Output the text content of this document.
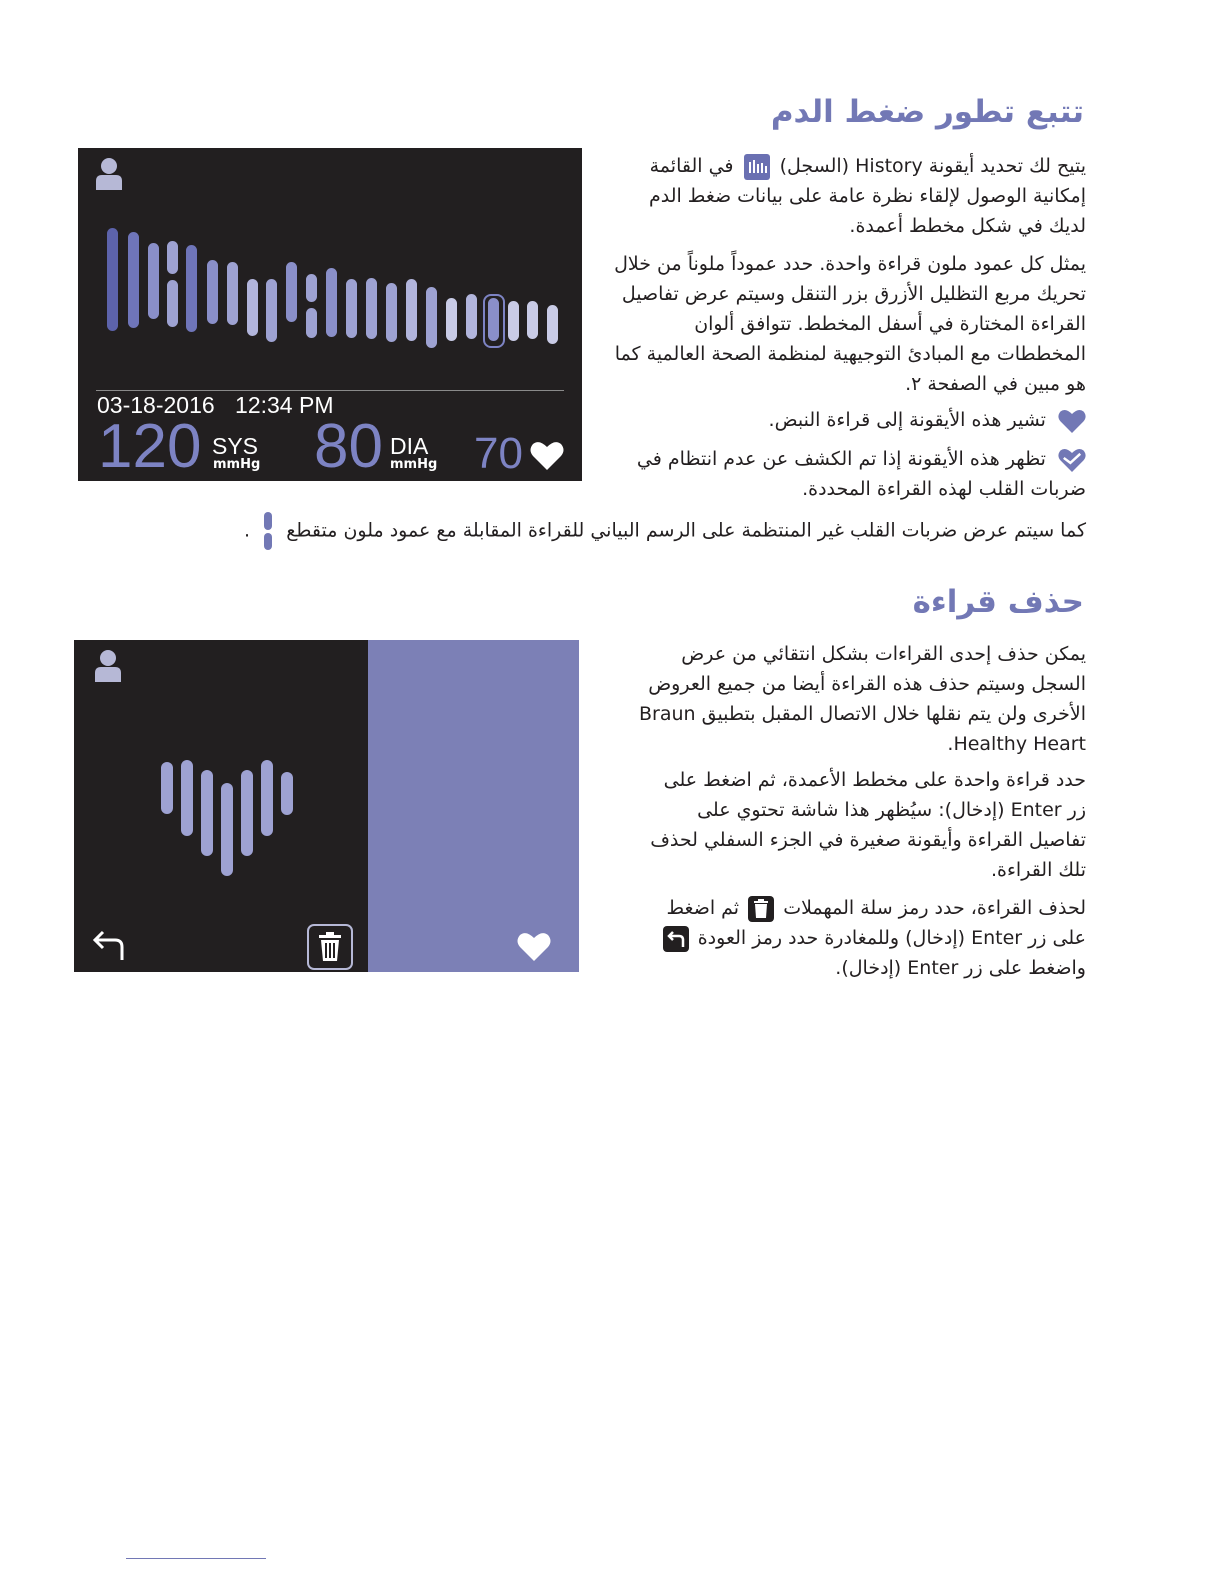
تتبع تطور ضغط الدم
03-18-2016 12:34 PM
120 SYS
mmHg 80 DIA
mmHg 70

يتيح لك تحديد أيقونة History (السجل)  في القائمة إمكانية الوصول لإلقاء نظرة عامة على بيانات ضغط الدم لديك في شكل مخطط أعمدة.

يمثل كل عمود ملون قراءة واحدة. حدد عموداً ملوناً من خلال تحريك مربع التظليل الأزرق بزر التنقل وسيتم عرض تفاصيل القراءة المختارة في أسفل المخطط. تتوافق ألوان المخططات مع المبادئ التوجيهية لمنظمة الصحة العالمية كما هو مبين في الصفحة ٢.

تشير هذه الأيقونة إلى قراءة النبض.
تظهر هذه الأيقونة إذا تم الكشف عن عدم انتظام في ضربات القلب لهذه القراءة المحددة.
كما سيتم عرض ضربات القلب غير المنتظمة على الرسم البياني للقراءة المقابلة مع عمود ملون متقطع
.
حذف قراءة

يمكن حذف إحدى القراءات بشكل انتقائي من عرض السجل وسيتم حذف هذه القراءة أيضا من جميع العروض الأخرى ولن يتم نقلها خلال الاتصال المقبل بتطبيق Braun Healthy Heart.

حدد قراءة واحدة على مخطط الأعمدة، ثم اضغط على زر Enter (إدخال): سيُظهر هذا شاشة تحتوي على تفاصيل القراءة وأيقونة صغيرة في الجزء السفلي لحذف تلك القراءة.

لحذف القراءة، حدد رمز سلة المهملات  ثم اضغط على زر Enter (إدخال) وللمغادرة حدد رمز العودة  واضغط على زر Enter (إدخال).
